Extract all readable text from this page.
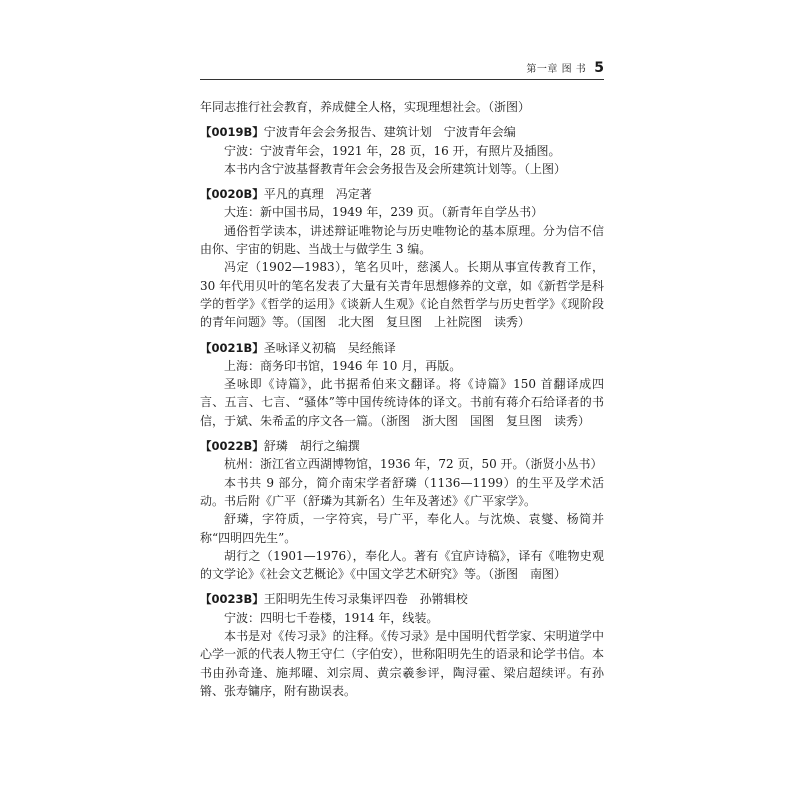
第一章 图 书 5

年同志推行社会教育，养成健全人格，实现理想社会。（浙图）

【0019B】宁波青年会会务报告、建筑计划 宁波青年会编

宁波：宁波青年会，1921 年，28 页，16 开，有照片及插图。

本书内含宁波基督教青年会会务报告及会所建筑计划等。（上图）

【0020B】平凡的真理 冯定著

大连：新中国书局，1949 年，239 页。（新青年自学丛书）

通俗哲学读本，讲述辩证唯物论与历史唯物论的基本原理。分为信不信由你、宇宙的钥匙、当战士与做学生 3 编。

冯定（1902—1983），笔名贝叶，慈溪人。长期从事宣传教育工作，30 年代用贝叶的笔名发表了大量有关青年思想修养的文章，如《新哲学是科学的哲学》《哲学的运用》《谈新人生观》《论自然哲学与历史哲学》《现阶段的青年问题》等。（国图　北大图　复旦图　上社院图　读秀）

【0021B】圣咏译义初稿 吴经熊译

上海：商务印书馆，1946 年 10 月，再版。

圣咏即《诗篇》，此书据希伯来文翻译。将《诗篇》150 首翻译成四言、五言、七言、“骚体”等中国传统诗体的译文。书前有蒋介石给译者的书信，于斌、朱希孟的序文各一篇。（浙图　浙大图　国图　复旦图　读秀）

【0022B】舒璘 胡行之编撰

杭州：浙江省立西湖博物馆，1936 年，72 页，50 开。（浙贤小丛书）

本书共 9 部分，简介南宋学者舒璘（1136—1199）的生平及学术活动。书后附《广平（舒璘为其新名）生年及著述》《广平家学》。

舒璘，字符质，一字符宾，号广平，奉化人。与沈焕、袁燮、杨简并称“四明四先生”。

胡行之（1901—1976），奉化人。著有《宜庐诗稿》，译有《唯物史观的文学论》《社会文艺概论》《中国文学艺术研究》等。（浙图　南图）

【0023B】王阳明先生传习录集评四卷 孙锵辑校

宁波：四明七千卷楼，1914 年，线装。

本书是对《传习录》的注释。《传习录》是中国明代哲学家、宋明道学中心学一派的代表人物王守仁（字伯安），世称阳明先生的语录和论学书信。本书由孙奇逢、施邦曜、刘宗周、黄宗羲参评，陶浔霍、梁启超续评。有孙锵、张寿镛序，附有勘误表。
